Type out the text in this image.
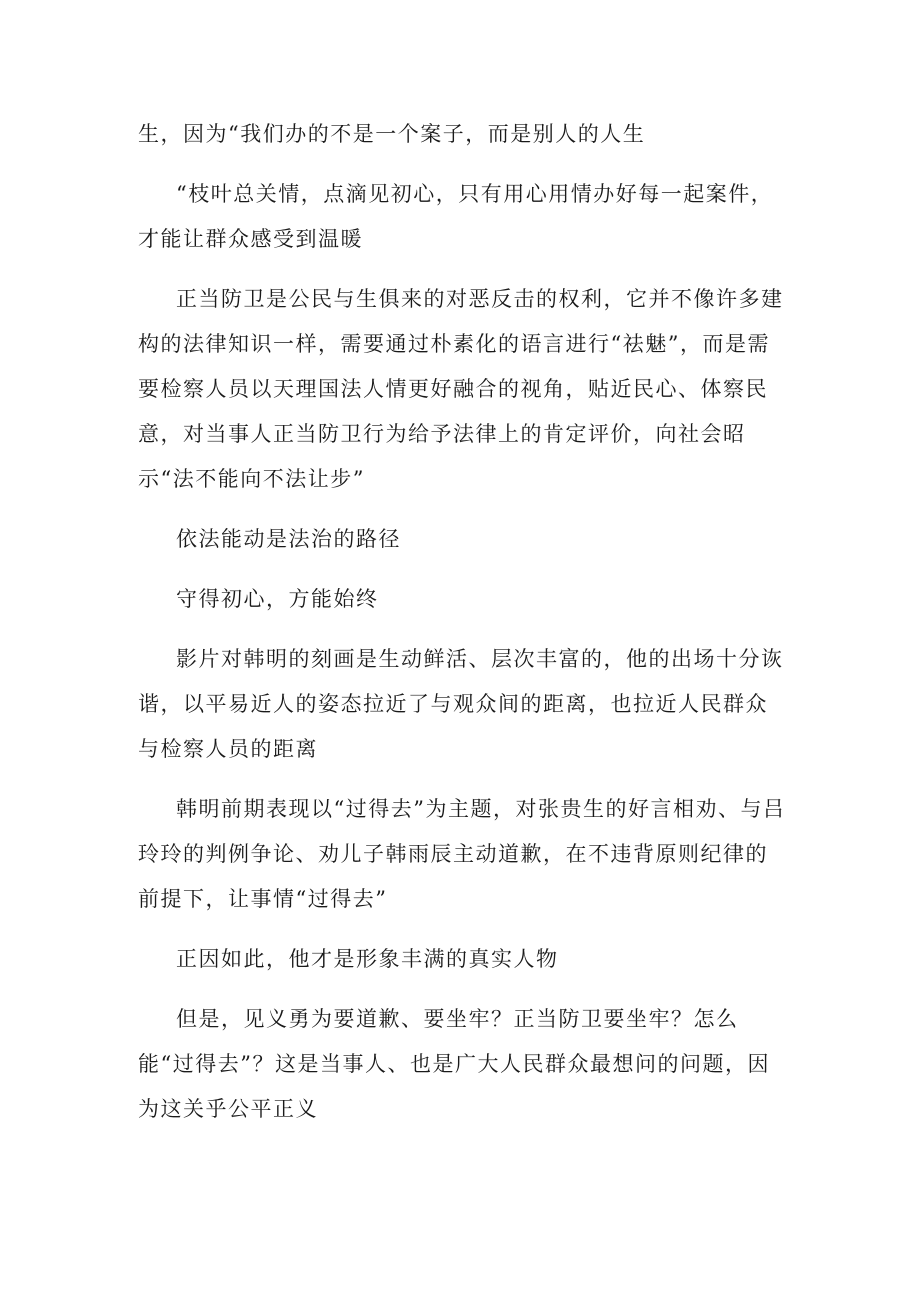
生，因为“我们办的不是一个案子，而是别人的人生

“枝叶总关情，点滴见初心，只有用心用情办好每一起案件，才能让群众感受到温暖

正当防卫是公民与生俱来的对恶反击的权利，它并不像许多建构的法律知识一样，需要通过朴素化的语言进行“祛魅”，而是需要检察人员以天理国法人情更好融合的视角，贴近民心、体察民意，对当事人正当防卫行为给予法律上的肯定评价，向社会昭示“法不能向不法让步”

依法能动是法治的路径

守得初心，方能始终

影片对韩明的刻画是生动鲜活、层次丰富的，他的出场十分诙谐，以平易近人的姿态拉近了与观众间的距离，也拉近人民群众与检察人员的距离

韩明前期表现以“过得去”为主题，对张贵生的好言相劝、与吕玲玲的判例争论、劝儿子韩雨辰主动道歉，在不违背原则纪律的前提下，让事情“过得去”

正因如此，他才是形象丰满的真实人物

但是，见义勇为要道歉、要坐牢？正当防卫要坐牢？怎么能“过得去”？这是当事人、也是广大人民群众最想问的问题，因为这关乎公平正义
